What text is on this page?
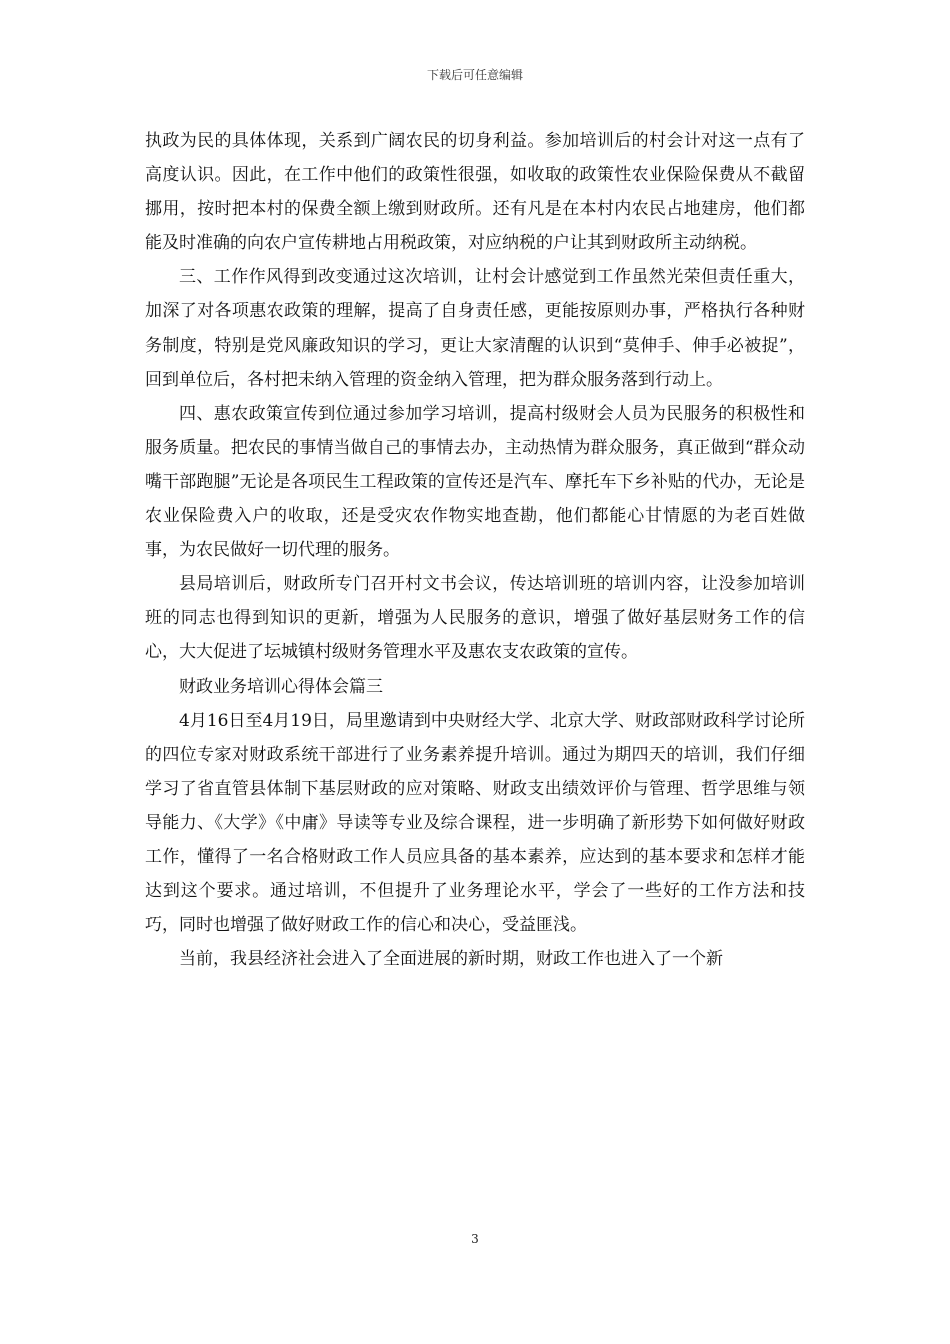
下载后可任意编辑

执政为民的具体体现，关系到广阔农民的切身利益。参加培训后的村会计对这一点有了高度认识。因此，在工作中他们的政策性很强，如收取的政策性农业保险保费从不截留挪用，按时把本村的保费全额上缴到财政所。还有凡是在本村内农民占地建房，他们都能及时准确的向农户宣传耕地占用税政策，对应纳税的户让其到财政所主动纳税。

三、工作作风得到改变通过这次培训，让村会计感觉到工作虽然光荣但责任重大，加深了对各项惠农政策的理解，提高了自身责任感，更能按原则办事，严格执行各种财务制度，特别是党风廉政知识的学习，更让大家清醒的认识到“莫伸手、伸手必被捉”，回到单位后，各村把未纳入管理的资金纳入管理，把为群众服务落到行动上。

四、惠农政策宣传到位通过参加学习培训，提高村级财会人员为民服务的积极性和服务质量。把农民的事情当做自己的事情去办，主动热情为群众服务，真正做到“群众动嘴干部跑腿”无论是各项民生工程政策的宣传还是汽车、摩托车下乡补贴的代办，无论是农业保险费入户的收取，还是受灾农作物实地查勘，他们都能心甘情愿的为老百姓做事，为农民做好一切代理的服务。

县局培训后，财政所专门召开村文书会议，传达培训班的培训内容，让没参加培训班的同志也得到知识的更新，增强为人民服务的意识，增强了做好基层财务工作的信心，大大促进了坛城镇村级财务管理水平及惠农支农政策的宣传。

财政业务培训心得体会篇三

4月16日至4月19日，局里邀请到中央财经大学、北京大学、财政部财政科学讨论所的四位专家对财政系统干部进行了业务素养提升培训。通过为期四天的培训，我们仔细学习了省直管县体制下基层财政的应对策略、财政支出绩效评价与管理、哲学思维与领导能力、《大学》《中庸》导读等专业及综合课程，进一步明确了新形势下如何做好财政工作，懂得了一名合格财政工作人员应具备的基本素养，应达到的基本要求和怎样才能达到这个要求。通过培训，不但提升了业务理论水平，学会了一些好的工作方法和技巧，同时也增强了做好财政工作的信心和决心，受益匪浅。

当前，我县经济社会进入了全面进展的新时期，财政工作也进入了一个新

3
